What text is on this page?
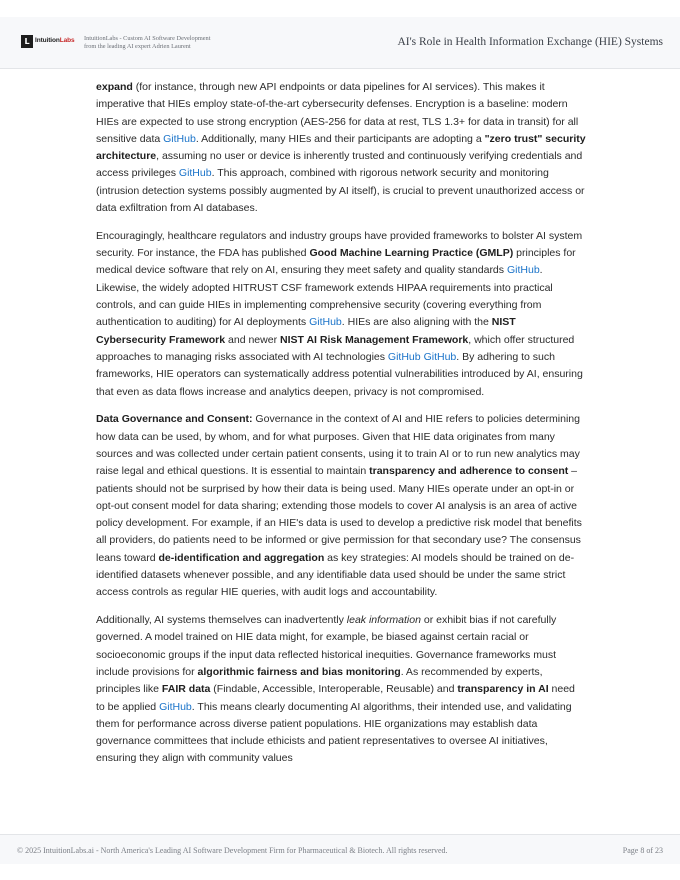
L IntuitionLabs IntuitionLabs - Custom AI Software Development
from the leading AI expert Adrien Laurent	AI's Role in Health Information Exchange (HIE) Systems

expand (for instance, through new API endpoints or data pipelines for AI services). This makes it imperative that HIEs employ state-of-the-art cybersecurity defenses. Encryption is a baseline: modern HIEs are expected to use strong encryption (AES-256 for data at rest, TLS 1.3+ for data in transit) for all sensitive data GitHub. Additionally, many HIEs and their participants are adopting a "zero trust" security architecture, assuming no user or device is inherently trusted and continuously verifying credentials and access privileges GitHub. This approach, combined with rigorous network security and monitoring (intrusion detection systems possibly augmented by AI itself), is crucial to prevent unauthorized access or data exfiltration from AI databases.

Encouragingly, healthcare regulators and industry groups have provided frameworks to bolster AI system security. For instance, the FDA has published Good Machine Learning Practice (GMLP) principles for medical device software that rely on AI, ensuring they meet safety and quality standards GitHub. Likewise, the widely adopted HITRUST CSF framework extends HIPAA requirements into practical controls, and can guide HIEs in implementing comprehensive security (covering everything from authentication to auditing) for AI deployments GitHub. HIEs are also aligning with the NIST Cybersecurity Framework and newer NIST AI Risk Management Framework, which offer structured approaches to managing risks associated with AI technologies GitHub GitHub. By adhering to such frameworks, HIE operators can systematically address potential vulnerabilities introduced by AI, ensuring that even as data flows increase and analytics deepen, privacy is not compromised.

Data Governance and Consent: Governance in the context of AI and HIE refers to policies determining how data can be used, by whom, and for what purposes. Given that HIE data originates from many sources and was collected under certain patient consents, using it to train AI or to run new analytics may raise legal and ethical questions. It is essential to maintain transparency and adherence to consent – patients should not be surprised by how their data is being used. Many HIEs operate under an opt-in or opt-out consent model for data sharing; extending those models to cover AI analysis is an area of active policy development. For example, if an HIE's data is used to develop a predictive risk model that benefits all providers, do patients need to be informed or give permission for that secondary use? The consensus leans toward de-identification and aggregation as key strategies: AI models should be trained on de-identified datasets whenever possible, and any identifiable data used should be under the same strict access controls as regular HIE queries, with audit logs and accountability.

Additionally, AI systems themselves can inadvertently leak information or exhibit bias if not carefully governed. A model trained on HIE data might, for example, be biased against certain racial or socioeconomic groups if the input data reflected historical inequities. Governance frameworks must include provisions for algorithmic fairness and bias monitoring. As recommended by experts, principles like FAIR data (Findable, Accessible, Interoperable, Reusable) and transparency in AI need to be applied GitHub. This means clearly documenting AI algorithms, their intended use, and validating them for performance across diverse patient populations. HIE organizations may establish data governance committees that include ethicists and patient representatives to oversee AI initiatives, ensuring they align with community values

© 2025 IntuitionLabs.ai - North America's Leading AI Software Development Firm for Pharmaceutical & Biotech. All rights reserved.	Page 8 of 23
